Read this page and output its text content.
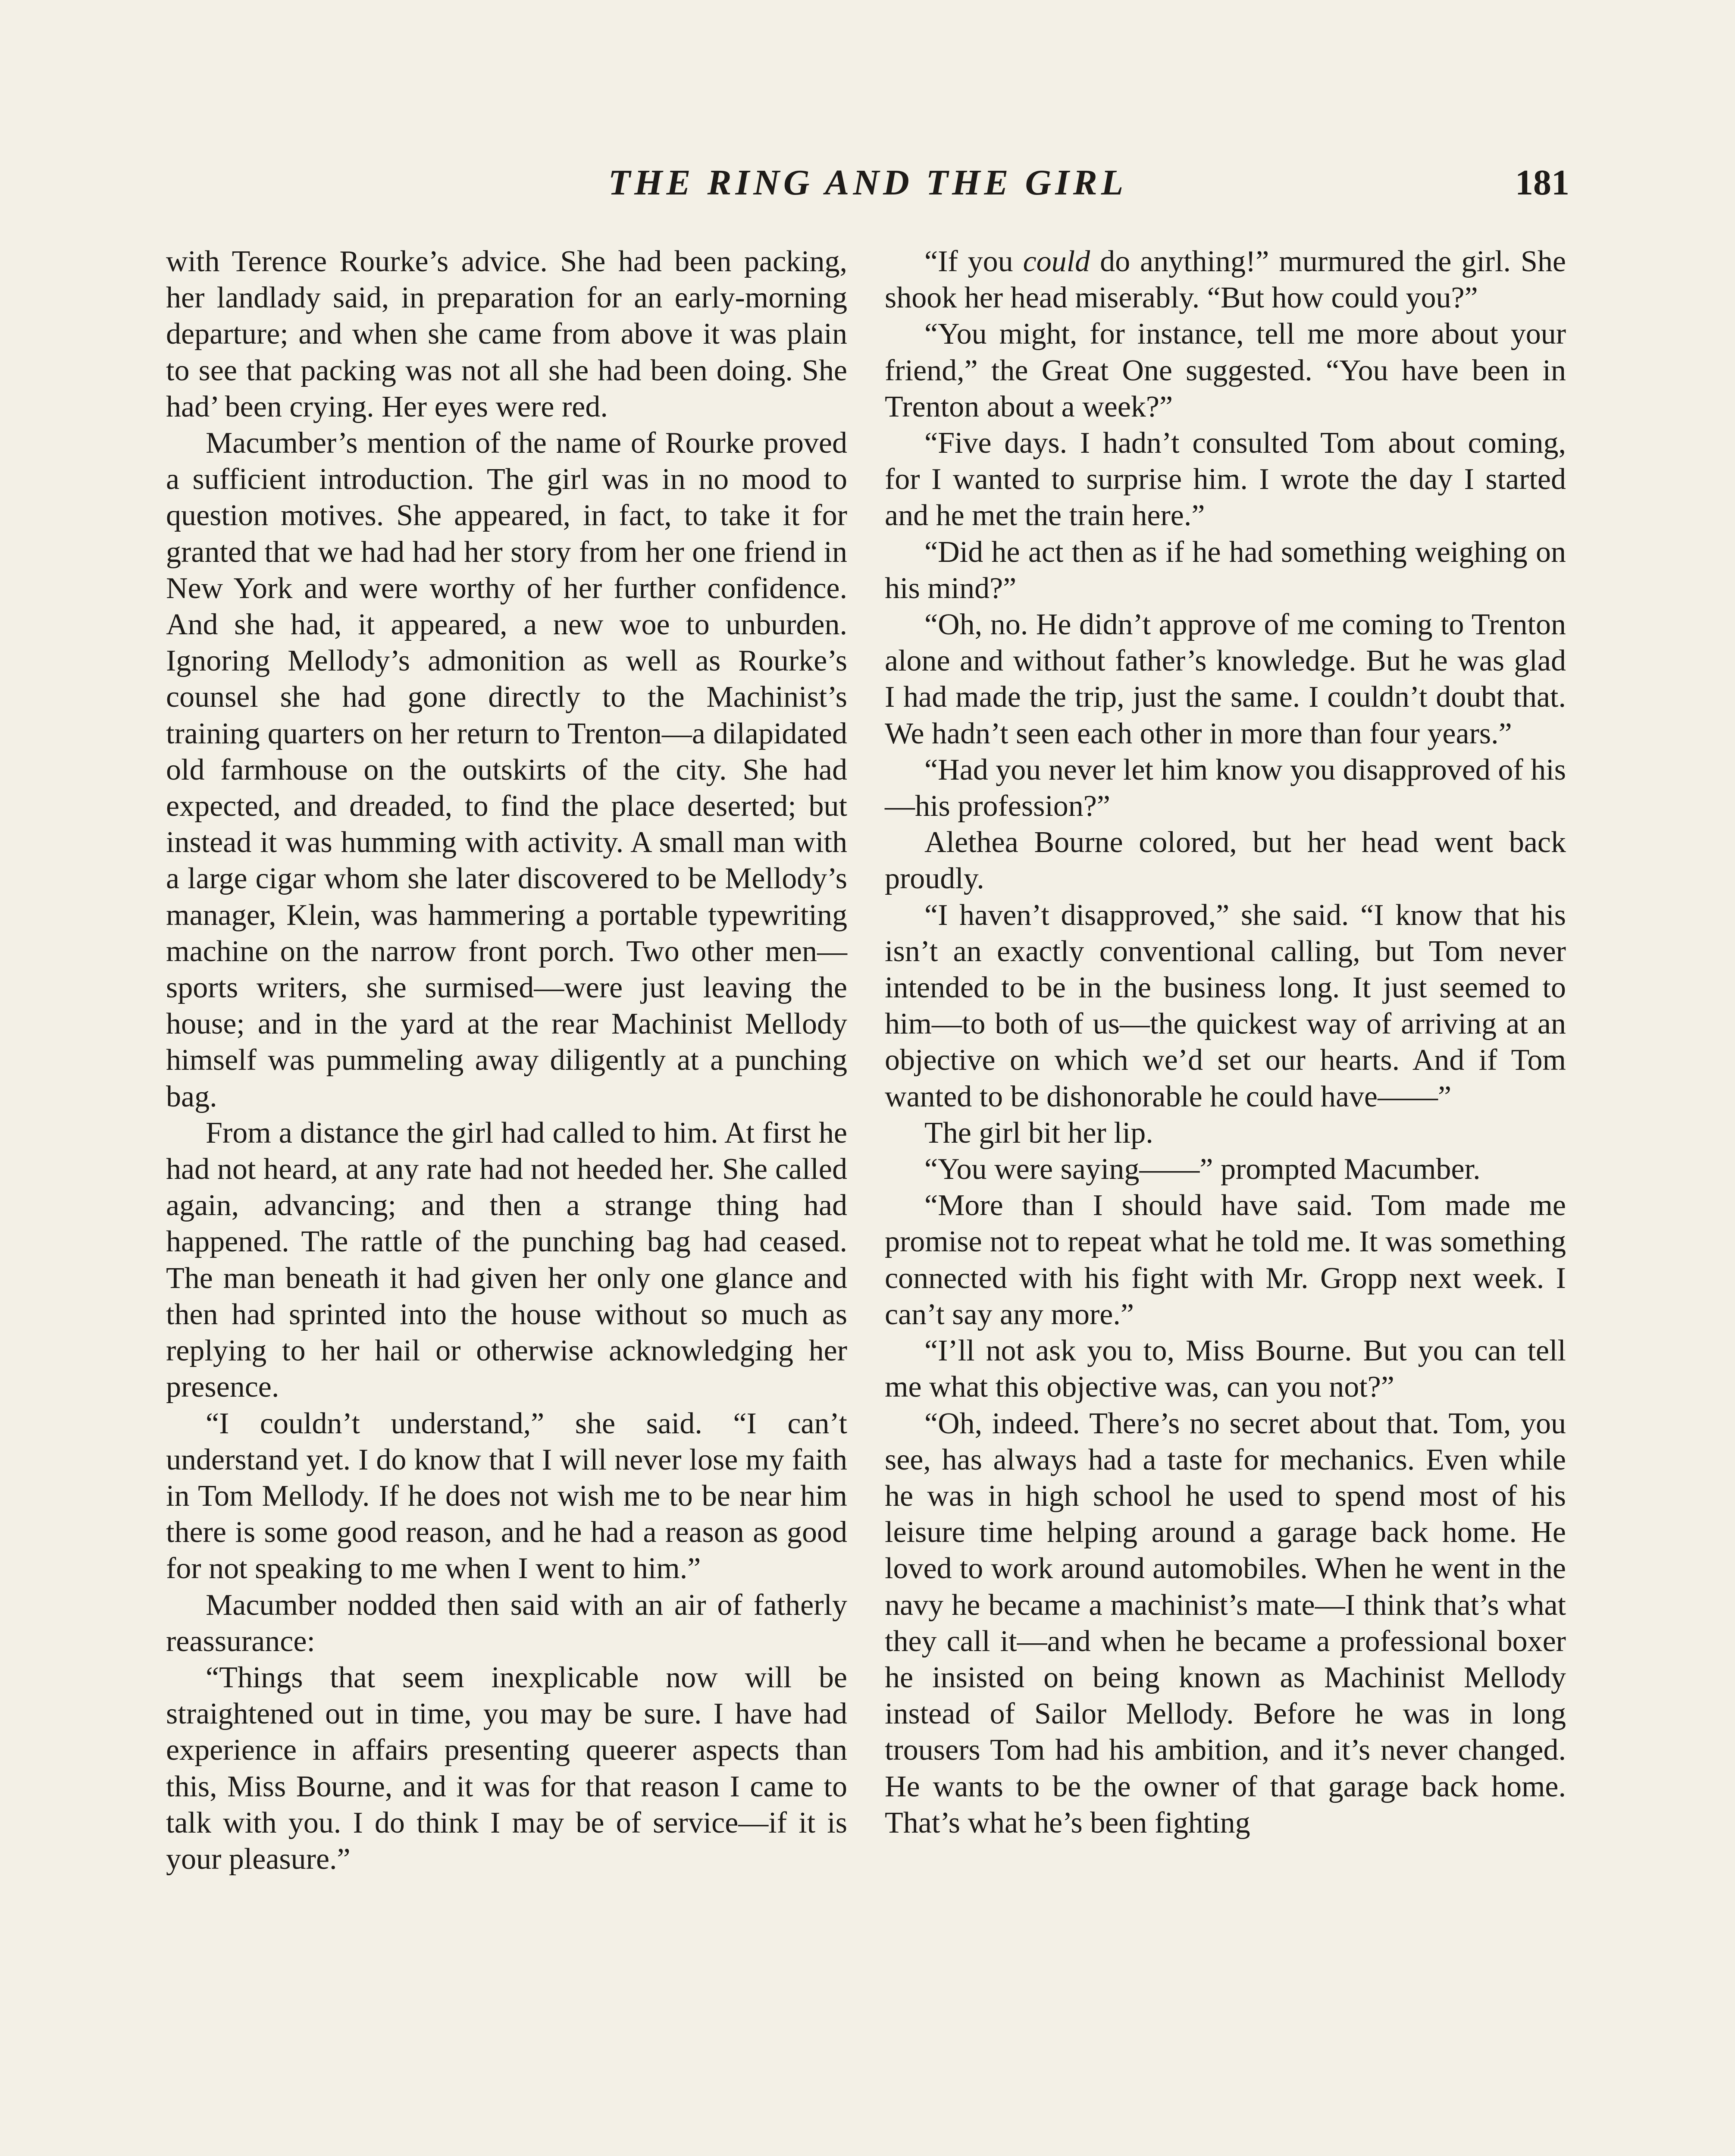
THE RING AND THE GIRL	181

with Terence Rourke’s advice. She had been packing, her landlady said, in preparation for an early-morning departure; and when she came from above it was plain to see that packing was not all she had been doing. She had’ been crying. Her eyes were red.

Macumber’s mention of the name of Rourke proved a sufficient introduction. The girl was in no mood to question motives. She appeared, in fact, to take it for granted that we had had her story from her one friend in New York and were worthy of her further confidence. And she had, it appeared, a new woe to unburden. Ignoring Mellody’s admonition as well as Rourke’s counsel she had gone directly to the Machinist’s training quarters on her return to Trenton—a dilapidated old farmhouse on the outskirts of the city. She had expected, and dreaded, to find the place deserted; but instead it was humming with activity. A small man with a large cigar whom she later discovered to be Mellody’s manager, Klein, was hammering a portable typewriting machine on the narrow front porch. Two other men—sports writers, she surmised—were just leaving the house; and in the yard at the rear Machinist Mellody himself was pummeling away diligently at a punching bag.

From a distance the girl had called to him. At first he had not heard, at any rate had not heeded her. She called again, advancing; and then a strange thing had happened. The rattle of the punching bag had ceased. The man beneath it had given her only one glance and then had sprinted into the house without so much as replying to her hail or otherwise acknowledging her presence.

“I couldn’t understand,” she said. “I can’t understand yet. I do know that I will never lose my faith in Tom Mellody. If he does not wish me to be near him there is some good reason, and he had a reason as good for not speaking to me when I went to him.”

Macumber nodded then said with an air of fatherly reassurance:

“Things that seem inexplicable now will be straightened out in time, you may be sure. I have had experience in affairs presenting queerer aspects than this, Miss Bourne, and it was for that reason I came to talk with you. I do think I may be of service—if it is your pleasure.”

“If you could do anything!” murmured the girl. She shook her head miserably. “But how could you?”

“You might, for instance, tell me more about your friend,” the Great One suggested. “You have been in Trenton about a week?”

“Five days. I hadn’t consulted Tom about coming, for I wanted to surprise him. I wrote the day I started and he met the train here.”

“Did he act then as if he had something weighing on his mind?”

“Oh, no. He didn’t approve of me coming to Trenton alone and without father’s knowledge. But he was glad I had made the trip, just the same. I couldn’t doubt that. We hadn’t seen each other in more than four years.”

“Had you never let him know you disapproved of his—his profession?”

Alethea Bourne colored, but her head went back proudly.

“I haven’t disapproved,” she said. “I know that his isn’t an exactly conventional calling, but Tom never intended to be in the business long. It just seemed to him—to both of us—the quickest way of arriving at an objective on which we’d set our hearts. And if Tom wanted to be dishonorable he could have——”

The girl bit her lip.

“You were saying——” prompted Macumber.

“More than I should have said. Tom made me promise not to repeat what he told me. It was something connected with his fight with Mr. Gropp next week. I can’t say any more.”

“I’ll not ask you to, Miss Bourne. But you can tell me what this objective was, can you not?”

“Oh, indeed. There’s no secret about that. Tom, you see, has always had a taste for mechanics. Even while he was in high school he used to spend most of his leisure time helping around a garage back home. He loved to work around automobiles. When he went in the navy he became a machinist’s mate—I think that’s what they call it—and when he became a professional boxer he insisted on being known as Machinist Mellody instead of Sailor Mellody. Before he was in long trousers Tom had his ambition, and it’s never changed. He wants to be the owner of that garage back home. That’s what he’s been fighting
